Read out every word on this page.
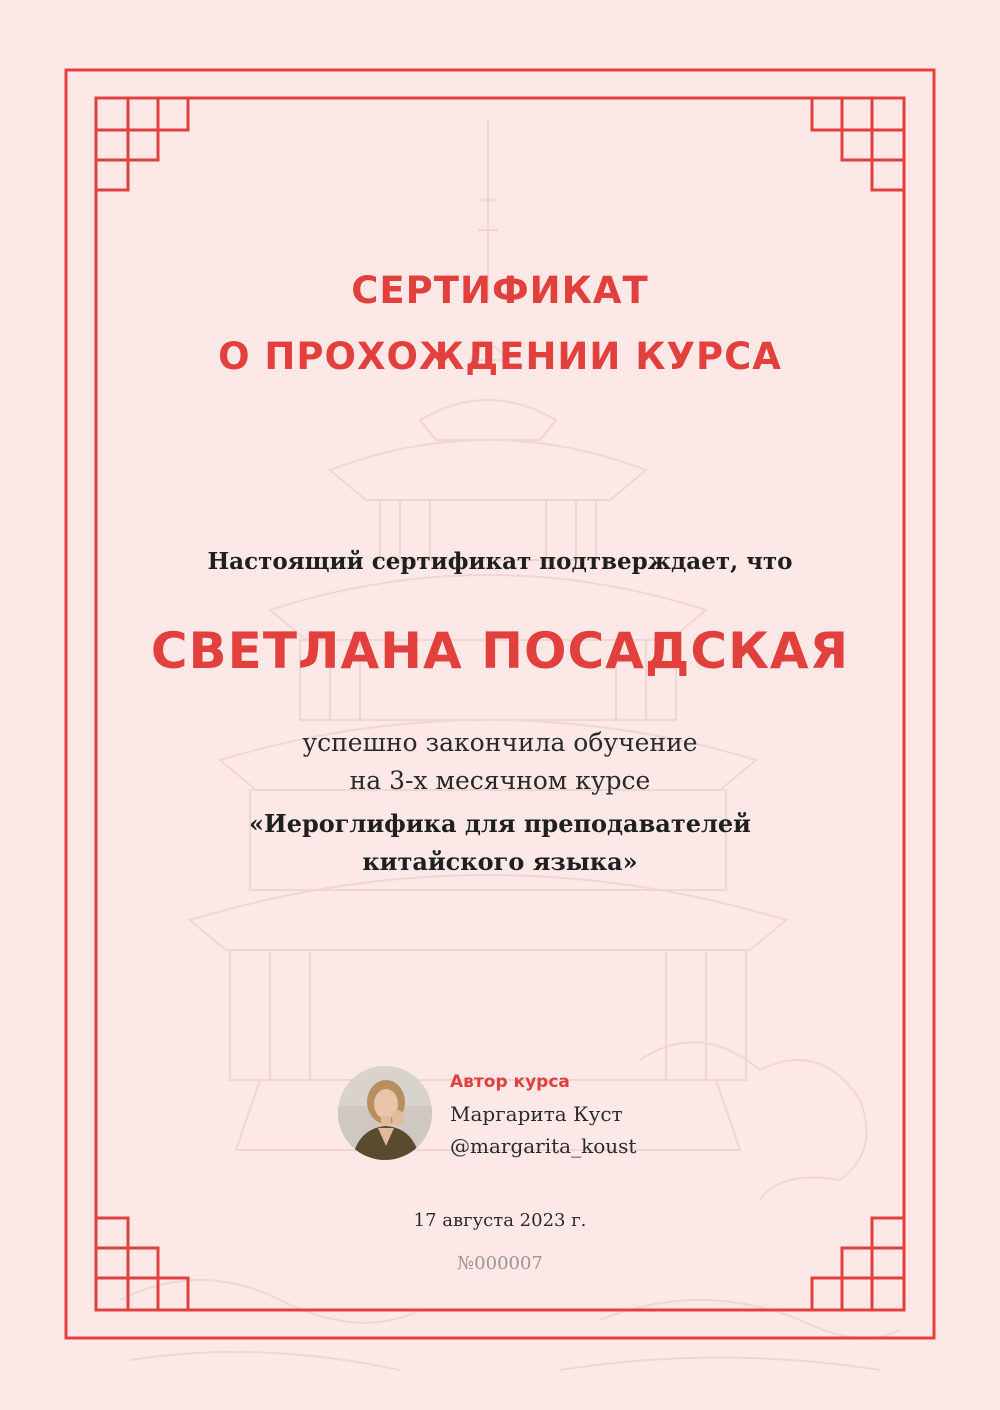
СЕРТИФИКАТ
О ПРОХОЖДЕНИИ КУРСА
Настоящий сертификат подтверждает, что
СВЕТЛАНА ПОСАДСКАЯ
успешно закончила обучение
на 3-х месячном курсе
«Иероглифика для преподавателей
китайского языка»
Автор курса
Маргарита Куст
@margarita_koust
17 августа 2023 г.
№000007
